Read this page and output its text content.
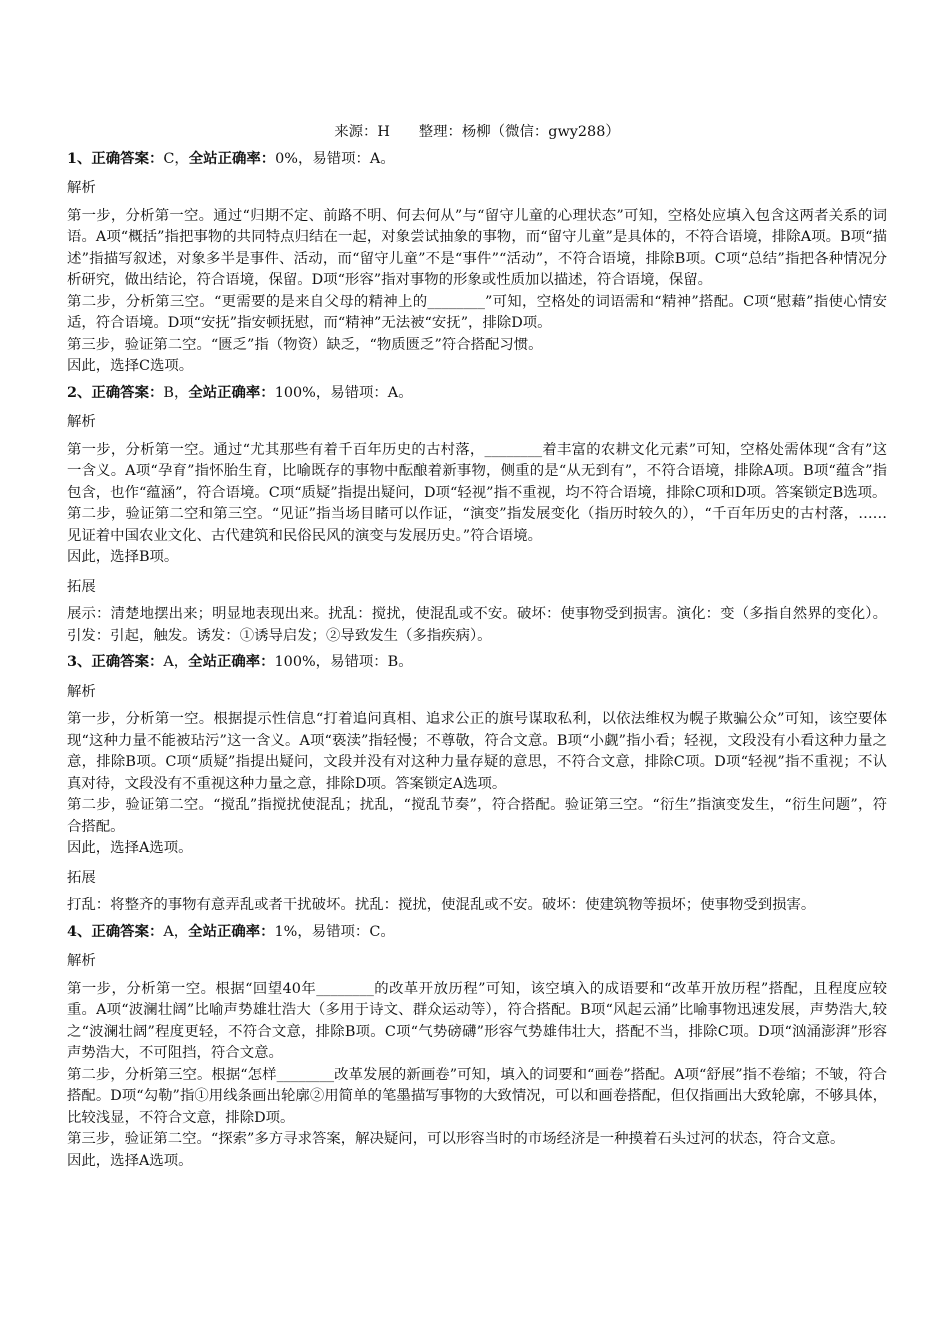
来源：H　　整理：杨柳（微信：gwy288）
1、正确答案：C，全站正确率：0%，易错项：A。
解析
第一步，分析第一空。通过“归期不定、前路不明、何去何从”与“留守儿童的心理状态”可知，空格处应填入包含这两者关系的词语。A项“概括”指把事物的共同特点归结在一起，对象尝试抽象的事物，而“留守儿童”是具体的，不符合语境，排除A项。B项“描述”指描写叙述，对象多半是事件、活动，而“留守儿童”不是“事件”“活动”，不符合语境，排除B项。C项“总结”指把各种情况分析研究，做出结论，符合语境，保留。D项“形容”指对事物的形象或性质加以描述，符合语境，保留。
第二步，分析第三空。“更需要的是来自父母的精神上的________”可知，空格处的词语需和“精神”搭配。C项“慰藉”指使心情安适，符合语境。D项“安抚”指安顿抚慰，而“精神”无法被“安抚”，排除D项。
第三步，验证第二空。“匮乏”指（物资）缺乏，“物质匮乏”符合搭配习惯。
因此，选择C选项。
2、正确答案：B，全站正确率：100%，易错项：A。
解析
第一步，分析第一空。通过“尤其那些有着千百年历史的古村落，________着丰富的农耕文化元素”可知，空格处需体现“含有”这一含义。A项“孕育”指怀胎生育，比喻既存的事物中酝酿着新事物，侧重的是“从无到有”，不符合语境，排除A项。B项“蕴含”指包含，也作“蕴涵”，符合语境。C项“质疑”指提出疑问，D项“轻视”指不重视，均不符合语境，排除C项和D项。答案锁定B选项。
第二步，验证第二空和第三空。“见证”指当场目睹可以作证，“演变”指发展变化（指历时较久的），“千百年历史的古村落，……见证着中国农业文化、古代建筑和民俗民风的演变与发展历史。”符合语境。
因此，选择B项。
拓展
展示：清楚地摆出来；明显地表现出来。扰乱：搅扰，使混乱或不安。破坏：使事物受到损害。演化：变（多指自然界的变化）。引发：引起，触发。诱发：①诱导启发；②导致发生（多指疾病）。
3、正确答案：A，全站正确率：100%，易错项：B。
解析
第一步，分析第一空。根据提示性信息“打着追问真相、追求公正的旗号谋取私利，以依法维权为幌子欺骗公众”可知，该空要体现“这种力量不能被玷污”这一含义。A项“亵渎”指轻慢；不尊敬，符合文意。B项“小觑”指小看；轻视，文段没有小看这种力量之意，排除B项。C项“质疑”指提出疑问，文段并没有对这种力量存疑的意思，不符合文意，排除C项。D项“轻视”指不重视；不认真对待，文段没有不重视这种力量之意，排除D项。答案锁定A选项。
第二步，验证第二空。“搅乱”指搅扰使混乱；扰乱，“搅乱节奏”，符合搭配。验证第三空。“衍生”指演变发生，“衍生问题”，符合搭配。
因此，选择A选项。
拓展
打乱：将整齐的事物有意弄乱或者干扰破坏。扰乱：搅扰，使混乱或不安。破坏：使建筑物等损坏；使事物受到损害。
4、正确答案：A，全站正确率：1%，易错项：C。
解析
第一步，分析第一空。根据“回望40年________的改革开放历程”可知，该空填入的成语要和“改革开放历程”搭配，且程度应较重。A项“波澜壮阔”比喻声势雄壮浩大（多用于诗文、群众运动等），符合搭配。B项“风起云涌”比喻事物迅速发展，声势浩大,较之“波澜壮阔”程度更轻，不符合文意，排除B项。C项“气势磅礴”形容气势雄伟壮大，搭配不当，排除C项。D项“汹涌澎湃”形容声势浩大，不可阻挡，符合文意。
第二步，分析第三空。根据“怎样________改革发展的新画卷”可知，填入的词要和“画卷”搭配。A项“舒展”指不卷缩；不皱，符合搭配。D项“勾勒”指①用线条画出轮廓②用简单的笔墨描写事物的大致情况，可以和画卷搭配，但仅指画出大致轮廓，不够具体，比较浅显，不符合文意，排除D项。
第三步，验证第二空。“探索”多方寻求答案，解决疑问，可以形容当时的市场经济是一种摸着石头过河的状态，符合文意。
因此，选择A选项。
